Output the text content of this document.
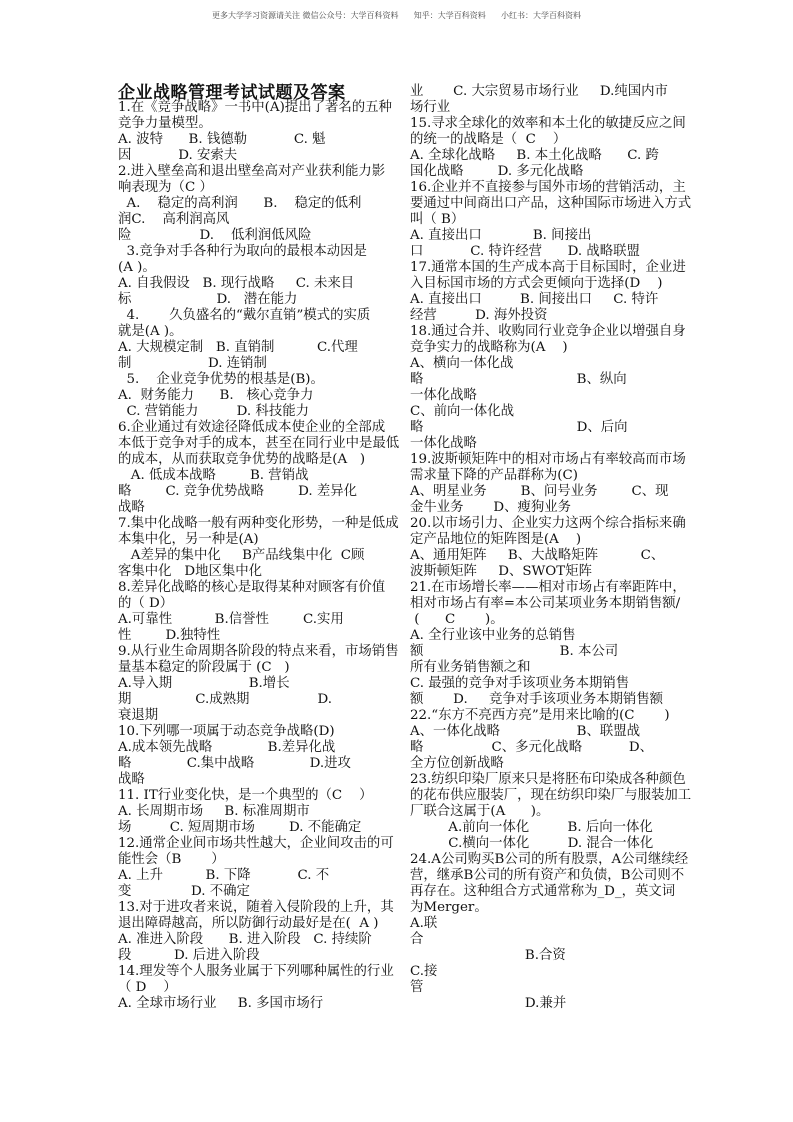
更多大学学习资源请关注 微信公众号：大学百科资料      知乎：大学百科资料      小红书：大学百科资料
企业战略管理考试试题及答案
1.在《竞争战略》一书中(A)提出了著名的五种
竞争力量模型。
A. 波特      B. 钱德勒           C. 魁
因           D. 安索夫
2.进入壁垒高和退出壁垒高对产业获利能力影
响表现为（C ）
A.    稳定的高利润      B.    稳定的低利
润C.    高利润高风
险                D.    低利润低风险
3.竞争对手各种行为取向的最根本动因是
(A )。
A. 自我假设   B. 现行战略     C. 未来目
标                    D.   潜在能力
4.       久负盛名的“戴尔直销”模式的实质
就是(A )。
A. 大规模定制   B. 直销制          C.代理
制                  D. 连销制
5.    企业竞争优势的根基是(B)。
A.  财务能力      B.   核心竞争力
C. 营销能力         D. 科技能力
6.企业通过有效途径降低成本使企业的全部成
本低于竞争对手的成本，甚至在同行业中是最低
的成本，从而获取竞争优势的战略是(A   )
A. 低成本战略        B. 营销战
略        C. 竞争优势战略        D. 差异化
战略
7.集中化战略一般有两种变化形势，一种是低成
本集中化，另一种是(A)
A差异的集中化     B产品线集中化  C顾
客集中化   D地区集中化
8.差异化战略的核心是取得某种对顾客有价值
的（ D）
A.可靠性          B.信誉性        C.实用
性        D.独特性
9.从行业生命周期各阶段的特点来看，市场销售
量基本稳定的阶段属于 (C   )
A.导入期                  B.增长
期               C.成熟期                D.
衰退期
10.下列哪一项属于动态竞争战略(D)
A.成本领先战略             B.差异化战
略             C.集中战略             D.进攻
战略
11. IT行业变化快，是一个典型的（C    ）
A. 长周期市场     B. 标准周期市
场         C. 短周期市场        D. 不能确定
12.通常企业间市场共性越大，企业间攻击的可
能性会（B       ）
A. 上升          B. 下降           C. 不
变              D. 不确定
13.对于进攻者来说，随着入侵阶段的上升，其
退出障碍越高，所以防御行动最好是在(  A )
A. 准进入阶段      B. 进入阶段   C. 持续阶
段          D. 后进入阶段
14.理发等个人服务业属于下列哪种属性的行业
（ D    ）
A. 全球市场行业     B. 多国市场行
业       C. 大宗贸易市场行业     D.纯国内市
场行业
15.寻求全球化的效率和本土化的敏捷反应之间
的统一的战略是（  C    ）
A. 全球化战略     B. 本土化战略      C. 跨
国化战略        D. 多元化战略
16.企业并不直接参与国外市场的营销活动，主
要通过中间商出口产品，这种国际市场进入方式
叫（ B）
A. 直接出口            B. 间接出
口           C. 特许经营      D. 战略联盟
17.通常本国的生产成本高于目标国时，企业进
入目标国市场的方式会更倾向于选择(D    )
A. 直接出口         B. 间接出口     C. 特许
经营         D. 海外投资
18.通过合并、收购同行业竞争企业以增强自身
竞争实力的战略称为(A    )
A、横向一体化战
略                                    B、纵向
一体化战略
C、前向一体化战
略                                    D、后向
一体化战略
19.波斯顿矩阵中的相对市场占有率较高而市场
需求量下降的产品群称为(C)
A、明星业务        B、问号业务        C、现
金牛业务       D、瘦狗业务
20.以市场引力、企业实力这两个综合指标来确
定产品地位的矩阵图是(A    )
A、通用矩阵     B、大战略矩阵          C、
波斯顿矩阵     D、SWOT矩阵
21.在市场增长率——相对市场占有率距阵中，
相对市场占有率=本公司某项业务本期销售额/
(      C       )。
A. 全行业该中业务的总销售
额                                B. 本公司
所有业务销售额之和
C. 最强的竞争对手该项业务本期销售
额       D.     竞争对手该项业务本期销售额
22.“东方不亮西方亮”是用来比喻的(C       )
A、一体化战略                  B、联盟战
略                C、多元化战略           D、
全方位创新战略
23.纺织印染厂原来只是将胚布印染成各种颜色
的花布供应服装厂，现在纺织印染厂与服装加工
厂联合这属于(A      )。
A.前向一体化         B. 后向一体化
C.横向一体化         D. 混合一体化
24.A公司购买B公司的所有股票，A公司继续经
营，继承B公司的所有资产和负债，B公司则不
再存在。这种组合方式通常称为_D_，英文词
为Merger。
A.联
合
B.合资
C.接
管
D.兼并
